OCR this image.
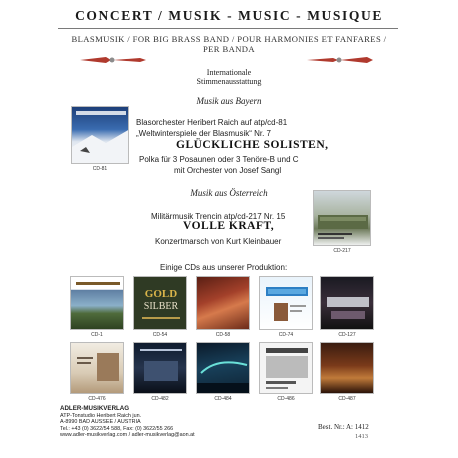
CONCERT / MUSIK - MUSIC - MUSIQUE
BLASMUSIK / FOR BIG BRASS BAND / POUR HARMONIES ET FANFARES /
PER BANDA
Internationale
Stimmenausstattung
Musik aus Bayern
CD-81
Blasorchester Heribert Raich auf atp/cd-81
„Weltwinterspiele der Blasmusik“ Nr. 7
GLÜCKLICHE SOLISTEN,
Polka für 3 Posaunen oder 3 Tenöre-B und C
mit Orchester von Josef Sangl
Musik aus Österreich
CD-217
Militärmusik Trencin atp/cd-217 Nr. 15
VOLLE KRAFT,
Konzertmarsch von Kurt Kleinbauer
Einige CDs aus unserer Produktion:
GOLD
SILBER
CD-1	CD-54	CD-58	CD-74	CD-127
CD-476	CD-482	CD-484	CD-486	CD-487
ADLER-MUSIKVERLAG
ATP-Tonstudio Heribert Raich jun.
A-8990 BAD AUSSEE / AUSTRIA
Tel.: +43 (0) 3622/54 588, Fax: (0) 3622/55 266
www.adler-musikverlag.com / adler-musikverlag@aon.at
Best. Nr.: A: 1412
1413
